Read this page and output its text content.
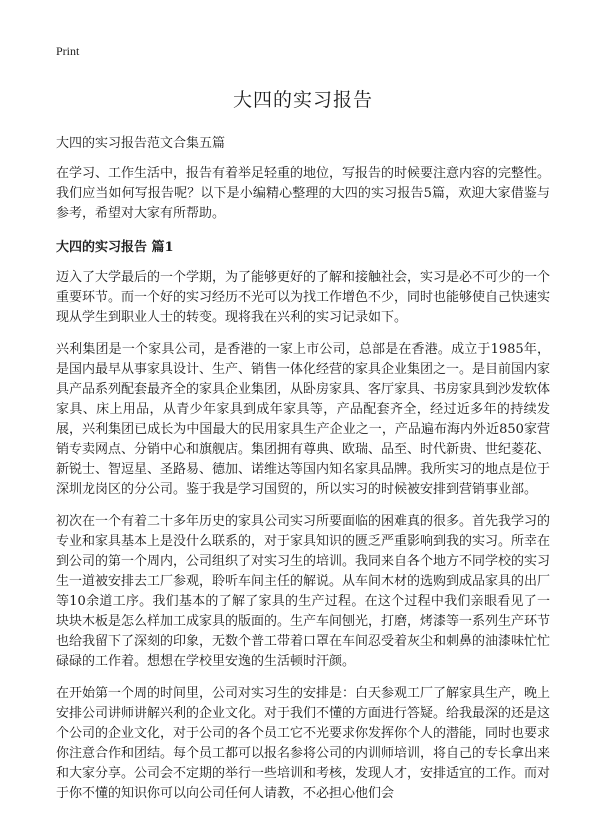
Print
大四的实习报告

大四的实习报告范文合集五篇

在学习、工作生活中，报告有着举足轻重的地位，写报告的时候要注意内容的完整性。我们应当如何写报告呢？以下是小编精心整理的大四的实习报告5篇，欢迎大家借鉴与参考，希望对大家有所帮助。

大四的实习报告 篇1

迈入了大学最后的一个学期，为了能够更好的了解和接触社会，实习是必不可少的一个重要环节。而一个好的实习经历不光可以为找工作增色不少，同时也能够使自己快速实现从学生到职业人士的转变。现将我在兴利的实习记录如下。

兴利集团是一个家具公司，是香港的一家上市公司，总部是在香港。成立于1985年，是国内最早从事家具设计、生产、销售一体化经营的家具企业集团之一。是目前国内家具产品系列配套最齐全的家具企业集团，从卧房家具、客厅家具、书房家具到沙发软体家具、床上用品，从青少年家具到成年家具等，产品配套齐全，经过近多年的持续发展，兴利集团已成长为中国最大的民用家具生产企业之一，产品遍布海内外近850家营销专卖网点、分销中心和旗舰店。集团拥有尊典、欧瑞、品至、时代新贵、世纪菱花、新锐士、智逗星、圣路易、德加、诺维达等国内知名家具品牌。我所实习的地点是位于深圳龙岗区的分公司。鉴于我是学习国贸的，所以实习的时候被安排到营销事业部。

初次在一个有着二十多年历史的家具公司实习所要面临的困难真的很多。首先我学习的专业和家具基本上是没什么联系的，对于家具知识的匮乏严重影响到我的实习。所幸在到公司的第一个周内，公司组织了对实习生的培训。我同来自各个地方不同学校的实习生一道被安排去工厂参观，聆听车间主任的解说。从车间木材的选购到成品家具的出厂等10余道工序。我们基本的了解了家具的生产过程。在这个过程中我们亲眼看见了一块块木板是怎么样加工成家具的版面的。生产车间刨光，打磨，烤漆等一系列生产环节也给我留下了深刻的印象，无数个普工带着口罩在车间忍受着灰尘和刺鼻的油漆味忙忙碌碌的工作着。想想在学校里安逸的生活顿时汗颜。

在开始第一个周的时间里，公司对实习生的安排是：白天参观工厂了解家具生产，晚上安排公司讲师讲解兴利的企业文化。对于我们不懂的方面进行答疑。给我最深的还是这个公司的企业文化，对于公司的各个员工它不光要求你发挥你个人的潜能，同时也要求你注意合作和团结。每个员工都可以报名参将公司的内训师培训，将自己的专长拿出来和大家分享。公司会不定期的举行一些培训和考核，发现人才，安排适宜的工作。而对于你不懂的知识你可以向公司任何人请教，不必担心他们会
